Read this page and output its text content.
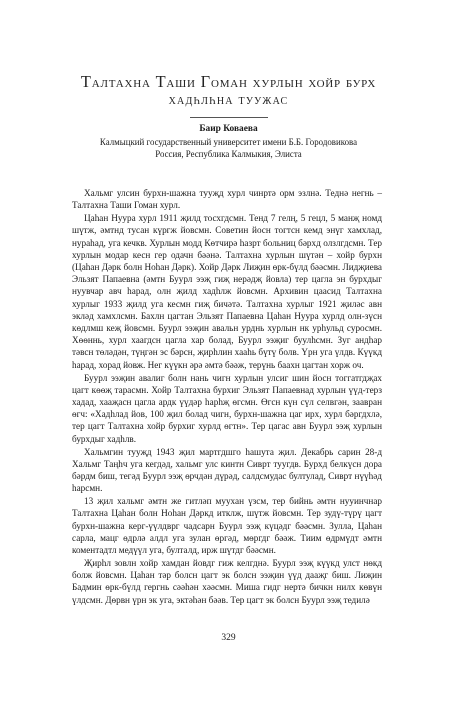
Талтахна Таши Гоман хурлын хойр бурх
хадһлһна туужас
Баир Коваева
Калмыцкий государственный университет имени Б.Б. Городовикова
Россия, Республика Калмыкия, Элиста

Хальмг улсин бурхн-шажна тууҗд хурл чинртә орм эзлнә. Теднә негнь –Талтахна Таши Гоман хурл.

Цаһан Нуура хурл 1911 җилд тосхгдсмн. Тенд 7 гелң, 5 гецл, 5 манҗ номд шүтж, әмтнд тусан күргж йовсмн. Советин йосн тогтсн кемд энүг хамхлад, нураһад, уга кечкв. Хурлын модд Көтчирә һазрт больниц бәрхд олзлгдсмн. Тер хурлын модар кесн гер одачн бәәнә. Талтахна хурлын шүтән – хойр бурхн (Цаһан Дәрк болн Ноһан Дәрк). Хойр Дәрк Лиҗин өрк-бүлд бәәсмн. Лидҗиева Эльзят Папаевна (әмтн Буурл ээҗ гиҗ нерәдҗ йовла) тер цагла эн бурхдыг нуувчар авч һарад, олн җилд хадһлж йовсмн. Архивин цаасид Талтахна хурлыг 1933 җилд уга кесмн гиҗ бичәтә. Талтахна хурлыг 1921 җиләс авн эклəд хамхлсмн. Бахлн цагтан Эльзят Папаевна Цаһан Нуура хурлд олн-зүсн көдлмш кеҗ йовсмн. Буурл ээҗин авальн урднь хурлын нк урһульд суросмн. Хөөннь, хурл хаагдсн цагла хар болад, Буурл ээҗиг буулһсмн. Зуг андһар тәвсн төлəдән, түңгән эс бәрсн, җирһлин хааһь бүтү болв. Үрн уга үлдв. Күүкд һарад, хорад йовж. Нег күүкн әрә әмтә бәәж, терүнь баахн цагтан хорж оч.

Буурл ээҗин авалиг болн нань чигн хурлын улсиг шин йосн тоггатгдҗах цагт көөҗ тарасмн. Хойр Талтахна бурхиг Эльзят Папаевнад хурлын үүд-терз хадад, хааҗасн цагла ардк үүдәр һарһҗ өгсмн. Өгсн күн сүл селвгән, заавран өгч: «Хадһлад йов, 100 җил болад чигн, бурхн-шажна цаг ирх, хурл бәргдхлә, тер цагт Талтахна хойр бурхиг хурлд өгтн». Тер цагас авн Буурл ээҗ хурлын бурхдыг хадһлв.

Хальмгин тууҗд 1943 җил мартгдшго һашута җил. Декабрь сарин 28-д Хальмг Таңһч уга кегдəд, хальмг улс кинтн Сиврт туугдв. Бурхд белкүсн дора бәрдм биш, тегəд Буурл ээҗ өрчдән дүрəд, салдсмудас бултулад, Сиврт нүүһəд һарсмн.

13 җил хальмг әмтн же гитләп муухан үзсм, тер бийнь әмтн нууинчнар Талтахна Цаһан болн Ноһан Дәркд итклж, шүтж йовсмн. Тер зудү-түрү цагт бурхн-шажна керг-үүлдврг чадсарн Буурл ээҗ күцәдг бәәсмн. Зулла, Цаһан сарла, мацг өдрлә алдл уга зулан өргəд, мөргдг бәәж. Тиим өдрмүдт әмтн коментадтл медүүл уга, булталд, ирж шүтдг бәәсмн.

Җирһл зовлн хойр хамдан йовдг гиж келгднә. Буурл ээҗ күүкд улст нөкд болж йовсмн. Цаһан тәр болсн цагт эк болсн ээҗин үүд дааҗг биш. Лиҗин Бадмин өрк-бүлд гергнь сәәһән хәәсмн. Миша гидг нертә бичкн нилх көвүн үлдсмн. Дөрвн үрн эк уга, эктәһән бәәв. Тер цагт эк болсн Буурл ээҗ тедилә

329
